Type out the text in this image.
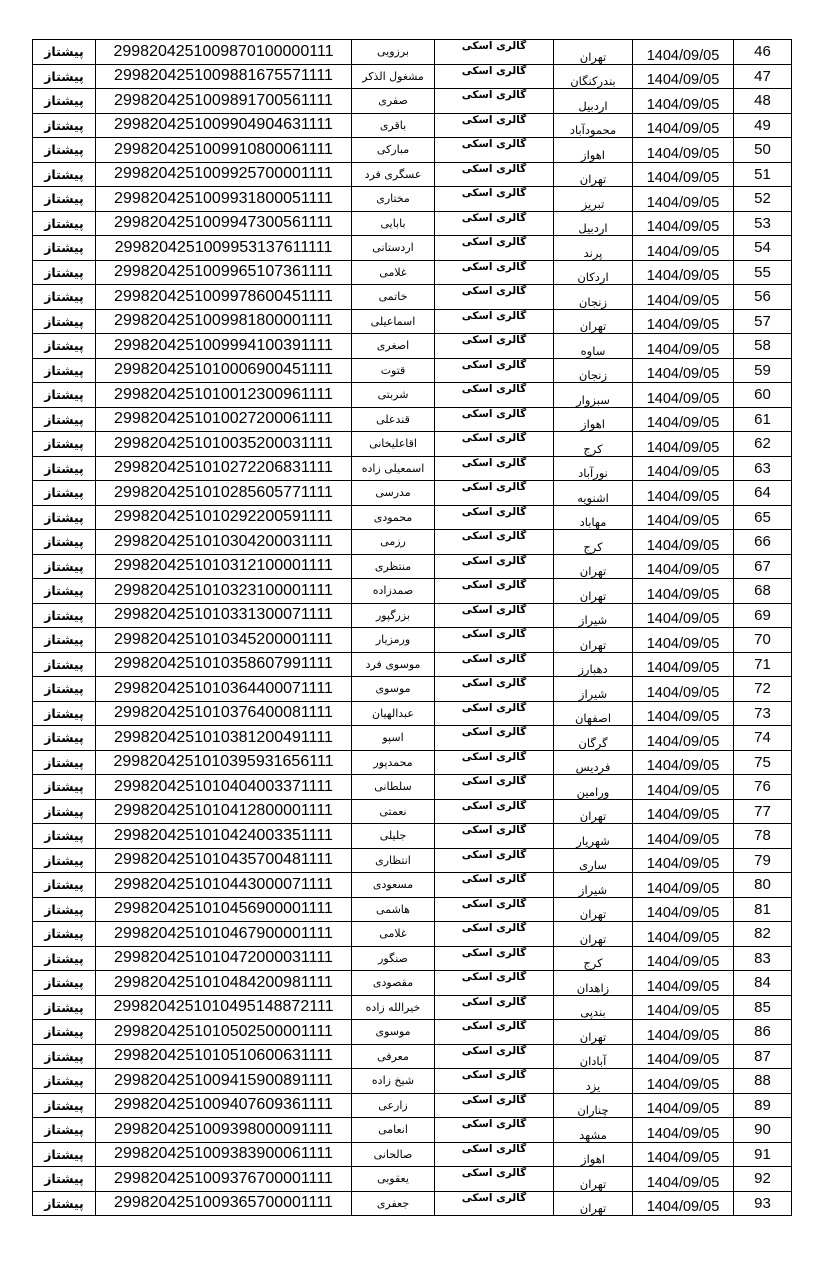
پیشتاز	2998204251009870100000111	برزویی	گالری اسکی	تهران	1404/09/05	46
پیشتاز	2998204251009881675571111	مشغول الذکر	گالری اسکی	بندرکنگان	1404/09/05	47
پیشتاز	2998204251009891700561111	صفری	گالری اسکی	اردبیل	1404/09/05	48
پیشتاز	2998204251009904904631111	باقری	گالری اسکی	محمودآباد	1404/09/05	49
پیشتاز	2998204251009910800061111	مبارکی	گالری اسکی	اهواز	1404/09/05	50
پیشتاز	2998204251009925700001111	عسگری فرد	گالری اسکی	تهران	1404/09/05	51
پیشتاز	2998204251009931800051111	مختاری	گالری اسکی	تبریز	1404/09/05	52
پیشتاز	2998204251009947300561111	بابایی	گالری اسکی	اردبیل	1404/09/05	53
پیشتاز	2998204251009953137611111	اردستانی	گالری اسکی	پرند	1404/09/05	54
پیشتاز	2998204251009965107361111	غلامی	گالری اسکی	اردکان	1404/09/05	55
پیشتاز	2998204251009978600451111	خاتمی	گالری اسکی	زنجان	1404/09/05	56
پیشتاز	2998204251009981800001111	اسماعیلی	گالری اسکی	تهران	1404/09/05	57
پیشتاز	2998204251009994100391111	اصغری	گالری اسکی	ساوه	1404/09/05	58
پیشتاز	2998204251010006900451111	قتوت	گالری اسکی	زنجان	1404/09/05	59
پیشتاز	2998204251010012300961111	شربتی	گالری اسکی	سبزوار	1404/09/05	60
پیشتاز	2998204251010027200061111	قندعلی	گالری اسکی	اهواز	1404/09/05	61
پیشتاز	2998204251010035200031111	اقاعلیخانی	گالری اسکی	کرج	1404/09/05	62
پیشتاز	2998204251010272206831111	اسمعیلی زاده	گالری اسکی	نورآباد	1404/09/05	63
پیشتاز	2998204251010285605771111	مدرسی	گالری اسکی	اشنویه	1404/09/05	64
پیشتاز	2998204251010292200591111	محمودی	گالری اسکی	مهاباد	1404/09/05	65
پیشتاز	2998204251010304200031111	رزمی	گالری اسکی	کرج	1404/09/05	66
پیشتاز	2998204251010312100001111	منتظری	گالری اسکی	تهران	1404/09/05	67
پیشتاز	2998204251010323100001111	صمدزاده	گالری اسکی	تهران	1404/09/05	68
پیشتاز	2998204251010331300071111	بزرگپور	گالری اسکی	شیراز	1404/09/05	69
پیشتاز	2998204251010345200001111	ورمزیار	گالری اسکی	تهران	1404/09/05	70
پیشتاز	2998204251010358607991111	موسوی فرد	گالری اسکی	دهبارز	1404/09/05	71
پیشتاز	2998204251010364400071111	موسوی	گالری اسکی	شیراز	1404/09/05	72
پیشتاز	2998204251010376400081111	عبدالهیان	گالری اسکی	اصفهان	1404/09/05	73
پیشتاز	2998204251010381200491111	اسپو	گالری اسکی	گرگان	1404/09/05	74
پیشتاز	2998204251010395931656111	محمدپور	گالری اسکی	فردیس	1404/09/05	75
پیشتاز	2998204251010404003371111	سلطانی	گالری اسکی	ورامین	1404/09/05	76
پیشتاز	2998204251010412800001111	نعمتی	گالری اسکی	تهران	1404/09/05	77
پیشتاز	2998204251010424003351111	جلیلی	گالری اسکی	شهریار	1404/09/05	78
پیشتاز	2998204251010435700481111	انتظاری	گالری اسکی	ساری	1404/09/05	79
پیشتاز	2998204251010443000071111	مسعودی	گالری اسکی	شیراز	1404/09/05	80
پیشتاز	2998204251010456900001111	هاشمی	گالری اسکی	تهران	1404/09/05	81
پیشتاز	2998204251010467900001111	غلامی	گالری اسکی	تهران	1404/09/05	82
پیشتاز	2998204251010472000031111	صنگور	گالری اسکی	کرج	1404/09/05	83
پیشتاز	2998204251010484200981111	مقصودی	گالری اسکی	زاهدان	1404/09/05	84
پیشتاز	2998204251010495148872111	خیرالله زاده	گالری اسکی	بندپی	1404/09/05	85
پیشتاز	2998204251010502500001111	موسوی	گالری اسکی	تهران	1404/09/05	86
پیشتاز	2998204251010510600631111	معرفی	گالری اسکی	آبادان	1404/09/05	87
پیشتاز	2998204251009415900891111	شیخ زاده	گالری اسکی	یزد	1404/09/05	88
پیشتاز	2998204251009407609361111	زارعی	گالری اسکی	چناران	1404/09/05	89
پیشتاز	2998204251009398000091111	انعامی	گالری اسکی	مشهد	1404/09/05	90
پیشتاز	2998204251009383900061111	صالحانی	گالری اسکی	اهواز	1404/09/05	91
پیشتاز	2998204251009376700001111	یعقوبی	گالری اسکی	تهران	1404/09/05	92
پیشتاز	2998204251009365700001111	جعفری	گالری اسکی	تهران	1404/09/05	93
